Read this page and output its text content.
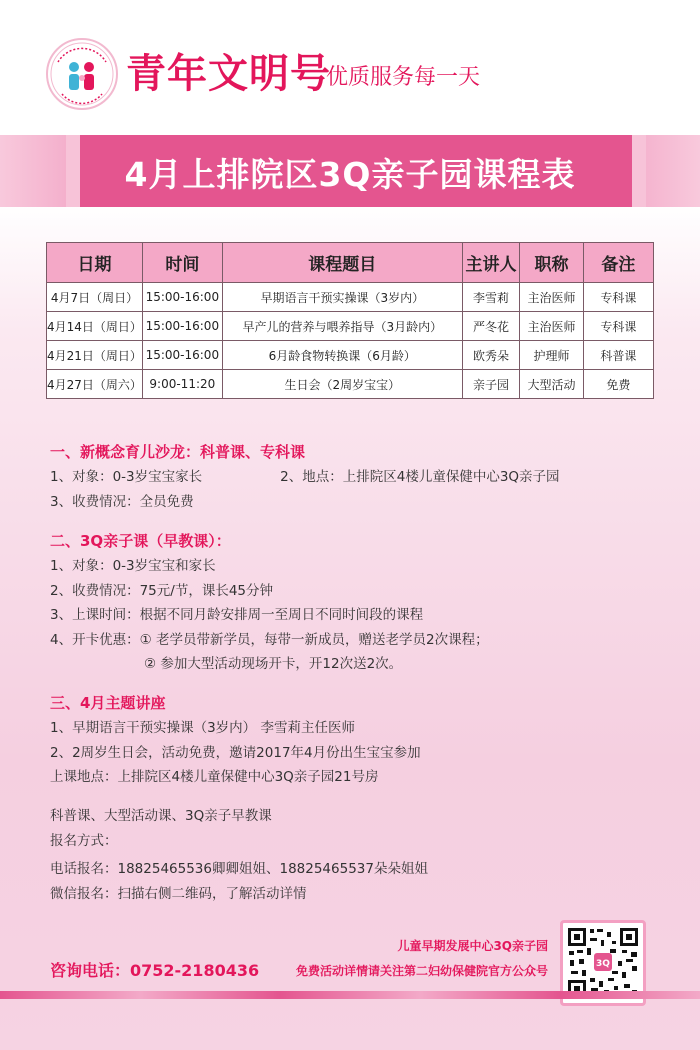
青年文明号
优质服务每一天
4月上排院区3Q亲子园课程表
日期	时间	课程题目	主讲人	职称	备注
4月7日（周日）	15:00-16:00	早期语言干预实操课（3岁内）	李雪莉	主治医师	专科课
4月14日（周日）	15:00-16:00	早产儿的营养与喂养指导（3月龄内）	严冬花	主治医师	专科课
4月21日（周日）	15:00-16:00	6月龄食物转换课（6月龄）	欧秀朵	护理师	科普课
4月27日（周六）	9:00-11:20	生日会（2周岁宝宝）	亲子园	大型活动	免费
一、新概念育儿沙龙：科普课、专科课
1、对象：0-3岁宝宝家长	2、地点：上排院区4楼儿童保健中心3Q亲子园
3、收费情况：全员免费
二、3Q亲子课（早教课）：
1、对象：0-3岁宝宝和家长
2、收费情况：75元/节，课长45分钟
3、上课时间：根据不同月龄安排周一至周日不同时间段的课程
4、开卡优惠：① 老学员带新学员，每带一新成员，赠送老学员2次课程；
② 参加大型活动现场开卡，开12次送2次。
三、4月主题讲座
1、早期语言干预实操课（3岁内） 李雪莉主任医师
2、2周岁生日会，活动免费，邀请2017年4月份出生宝宝参加
上课地点：上排院区4楼儿童保健中心3Q亲子园21号房
科普课、大型活动课、3Q亲子早教课
报名方式：
电话报名：18825465536卿卿姐姐、18825465537朵朵姐姐
微信报名：扫描右侧二维码，了解活动详情
儿童早期发展中心3Q亲子园
咨询电话：0752-2180436	免费活动详情请关注第二妇幼保健院官方公众号	3Q
